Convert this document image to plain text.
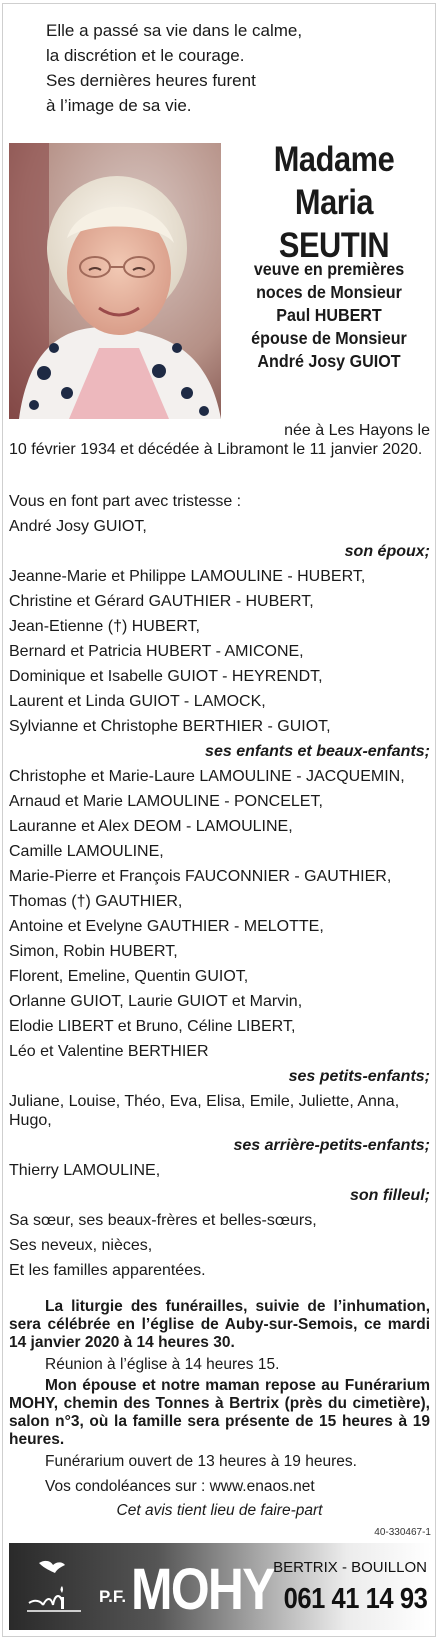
Elle a passé sa vie dans le calme,
la discrétion et le courage.
Ses dernières heures furent
à l’image de sa vie.
Madame
Maria
SEUTIN
veuve en premières
noces de Monsieur
Paul HUBERT
épouse de Monsieur
André Josy GUIOT
née à Les Hayons le
10 février 1934 et décédée à Libramont le 11 janvier 2020.
Vous en font part avec tristesse :
André Josy GUIOT,
son époux;
Jeanne-Marie et Philippe LAMOULINE - HUBERT,
Christine et Gérard GAUTHIER - HUBERT,
Jean-Etienne (†) HUBERT,
Bernard et Patricia HUBERT - AMICONE,
Dominique et Isabelle GUIOT - HEYRENDT,
Laurent et Linda GUIOT - LAMOCK,
Sylvianne et Christophe BERTHIER - GUIOT,
ses enfants et beaux-enfants;
Christophe et Marie-Laure LAMOULINE - JACQUEMIN,
Arnaud et Marie LAMOULINE - PONCELET,
Lauranne et Alex DEOM - LAMOULINE,
Camille LAMOULINE,
Marie-Pierre et François FAUCONNIER - GAUTHIER,
Thomas (†) GAUTHIER,
Antoine et Evelyne GAUTHIER - MELOTTE,
Simon, Robin HUBERT,
Florent, Emeline, Quentin GUIOT,
Orlanne GUIOT, Laurie GUIOT et Marvin,
Elodie LIBERT et Bruno, Céline LIBERT,
Léo et Valentine BERTHIER
ses petits-enfants;
Juliane, Louise, Théo, Eva, Elisa, Emile, Juliette, Anna, Hugo,
ses arrière-petits-enfants;
Thierry LAMOULINE,
son filleul;
Sa sœur, ses beaux-frères et belles-sœurs,
Ses neveux, nièces,
Et les familles apparentées.

La liturgie des funérailles, suivie de l’inhumation, sera célébrée en l’église de Auby-sur-Semois, ce mardi 14 janvier 2020 à 14 heures 30.

Réunion à l’église à 14 heures 15.

Mon épouse et notre maman repose au Funérarium MOHY, chemin des Tonnes à Bertrix (près du cimetière), salon n°3, où la famille sera présente de 15 heures à 19 heures.

Funérarium ouvert de 13 heures à 19 heures.
Vos condoléances sur : www.enaos.net
Cet avis tient lieu de faire-part
40-330467-1
P.F. MOHY BERTRIX - BOUILLON
061 41 14 93
